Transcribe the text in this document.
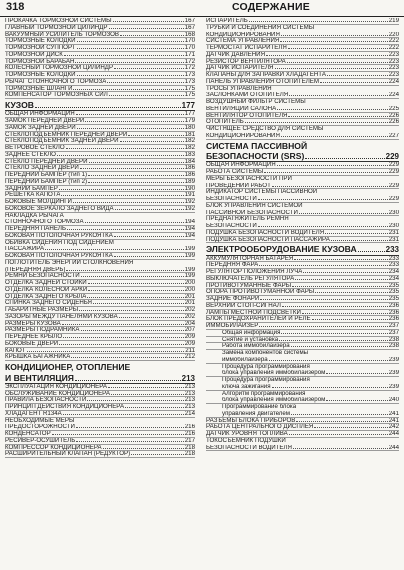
318	СОДЕРЖАНИЕ
ПРОКАЧКА ТОРМОЗНОЙ СИСТЕМЫ	167
ГЛАВНЫЙ ТОРМОЗНОЙ ЦИЛИНДР	167
ВАКУУМНЫЙ УСИЛИТЕЛЬ ТОРМОЗОВ	168
ТОРМОЗНЫЕ КОЛОДКИ	170
ТОРМОЗНОЙ СУППОРТ	170
ТОРМОЗНОЙ ДИСК	171
ТОРМОЗНОЙ БАРАБАН	172
КОЛЕСНЫЙ ТОРМОЗНОЙ ЦИЛИНДР	172
ТОРМОЗНЫЕ КОЛОДКИ	173
РЫЧАГ СТОЯНОЧНОГО ТОРМОЗА	173
ТОРМОЗНЫЕ ШЛАНГИ	175
КОМПЕНСАТОР ТОРМОЗНЫХ СИЛ	175
КУЗОВ	177
ОБЩАЯ ИНФОРМАЦИЯ	177
ЗАМОК ПЕРЕДНЕЙ ДВЕРИ	179
ЗАМОК ЗАДНЕЙ ДВЕРИ	180
СТЕКЛОПОДЪЕМНИК ПЕРЕДНЕЙ ДВЕРИ	181
СТЕКЛОПОДЪЕМНИК ЗАДНЕЙ ДВЕРИ	182
ВЕТРОВОЕ СТЕКЛО	182
ЗАДНЕЕ СТЕКЛО	183
СТЕКЛО ПЕРЕДНЕЙ ДВЕРИ	184
СТЕКЛО ЗАДНЕЙ ДВЕРИ	186
ПЕРЕДНИЙ БАМПЕР (тип 1)	186
ПЕРЕДНИЙ БАМПЕР (тип 2)	189
ЗАДНИЙ БАМПЕР	190
РЕШЕТКА КАПОТА	191
БОКОВЫЕ МОЛДИНГИ	192
БОКОВОЕ ЗЕРКАЛО ЗАДНЕГО ВИДА	192
НАКЛАДКА РЫЧАГА
СТОЯНОЧНОГО ТОРМОЗА	194
ПЕРЕДНЯЯ ПАНЕЛЬ	194
БОКОВАЯ ПОТОЛОЧНАЯ РУКОЯТКА	194
ОБИВКА СИДЕНИЯ ПОД СИДЕНИЕМ
ПАССАЖИРА	199
БОКОВАЯ ПОТОЛОЧНАЯ РУКОЯТКА	199
ПОГЛОТИТЕЛЬ ЭНЕРГИИ СТОЛКНОВЕНИЯ
(ПЕРЕДНЯЯ ДВЕРЬ)	199
РЕМНИ БЕЗОПАСНОСТИ	199
ОТДЕЛКА ЗАДНЕЙ СТОЙКИ	200
ОТДЕЛКА КОЛЕСНОЙ АРКИ	200
ОТДЕЛКА ЗАДНЕГО КРЫЛА	201
СПИНКА ЗАДНЕГО СИДЕНЬЯ	201
ГАБАРИТНЫЕ РАЗМЕРЫ	202
ЗАЗОРЫ МЕЖДУ ПАНЕЛЯМИ КУЗОВА	202
РАЗМЕРЫ КУЗОВА	204
РАЗМЕРЫ ПОДРАМНИКА	207
ПЕРЕДНЕЕ КРЫЛО	209
БОКОВЫЕ ДВЕРИ	209
КАПОТ	211
КРЫШКА БАГАЖНИКА	212
КОНДИЦИОНЕР, ОТОПЛЕНИЕ
И ВЕНТИЛЯЦИЯ	213
ЭКСПЛУАТАЦИЯ КОНДИЦИОНЕРА	213
ОБСЛУЖИВАНИЕ КОНДИЦИОНЕРА	213
ПРАВИЛА БЕЗОПАСНОСТИ	213
ПРИНЦИП ДЕЙСТВИЯ КОНДИЦИОНЕРА	213
ХЛАДАГЕНТ R134A	214
НЕОБХОДИМЫЕ МЕРЫ
ПРЕДОСТОРОЖНОСТИ	216
КОНДЕНСАТОР	216
РЕСИВЕР-ОСУШИТЕЛЬ	217
КОМПРЕССОР КОНДИЦИОНЕРА	218
РАСШИРИТЕЛЬНЫЙ КЛАПАН (РЕДУКТОР)	218
ИСПАРИТЕЛЬ	219
ТРУБКИ И СОЕДИНЕНИЯ СИСТЕМЫ
КОНДИЦИОНИРОВАНИЯ	220
СИСТЕМА УПРАВЛЕНИЯ	222
ТЕРМОСТАТ ИСПАРИТЕЛЯ	222
ДАТЧИК ДАВЛЕНИЯ	223
РЕЗИСТОР ВЕНТИЛЯТОРА	223
ДАТЧИК ИСПАРИТЕЛЯ	223
КЛАПАНЫ ДЛЯ ЗАПРАВКИ ХЛАДАГЕНТА	223
ПАНЕЛЬ УПРАВЛЕНИЯ ОТОПИТЕЛЕМ	224
ТРОСЫ УПРАВЛЕНИЯ
ЗАСЛОНКАМИ ОТОПИТЕЛЯ	224
ВОЗДУШНЫЙ ФИЛЬТР СИСТЕМЫ
ВЕНТИЛЯЦИИ САЛОНА	225
ВЕНТИЛЯТОР ОТОПИТЕЛЯ	226
ОТОПИТЕЛЬ	226
ЧИСТЯЩЕЕ СРЕДСТВО ДЛЯ СИСТЕМЫ
КОНДИЦИОНИРОВАНИЯ	227
СИСТЕМА ПАССИВНОЙ
БЕЗОПАСНОСТИ (SRS)	229
ОБЩАЯ ИНФОРМАЦИЯ	229
РАБОТА СИСТЕМЫ	229
МЕРЫ БЕЗОПАСНОСТИ ПРИ
ПРОВЕДЕНИИ РАБОТ	229
ИНДИКАТОР СИСТЕМЫ ПАССИВНОЙ
БЕЗОПАСНОСТИ	229
БЛОК УПРАВЛЕНИЯ СИСТЕМОЙ
ПАССИВНОЙ БЕЗОПАСНОСТИ	230
ПРЕДНАТЯЖИТЕЛЬ РЕМНЯ
БЕЗОПАСНОСТИ	230
ПОДУШКА БЕЗОПАСНОСТИ ВОДИТЕЛЯ	231
ПОДУШКА БЕЗОПАСНОСТИ ПАССАЖИРА	231
ЭЛЕКТРООБОРУДОВАНИЕ КУЗОВА	233
АККУМУЛЯТОРНАЯ БАТАРЕЯ	233
ПЕРЕДНЯЯ ФАРА	233
РЕГУЛЯТОР ПОЛОЖЕНИЯ ЛУЧА	234
ВЫКЛЮЧАТЕЛЬ РЕГУЛЯТОРА	234
ПРОТИВОТУМАННЫЕ ФАРЫ	235
ОПОРА ПРОТИВОТУМАННОЙ ФАРЫ	235
ЗАДНИЕ ФОНАРИ	235
ВЕРХНИЙ СТОП-СИГНАЛ	236
ЛАМПЫ МЕСТНОЙ ПОДСВЕТКИ	236
БЛОК ПРЕДОХРАНИТЕЛЕЙ И РЕЛЕ	236
ИММОБИЛАЙЗЕР	237
Общая информация	237
Снятие и установка	238
Работа иммобилайзера	238
Замена компонентов системы
иммобилайзера	239
Процедура программирования
блока управления иммобилайзером	239
Процедура программирования
ключа зажигания	239
Алгоритм программирования
блока управления иммобилайзером	240
Программирование блока
управления двигателем	241
РАЗЪЕМЫ БЛОКА ПРИБОРОВ	241
РАБОТА ЦЕНТРАЛЬНОГО ДИСПЛЕЯ	242
ДАТЧИК УРОВНЯ ТОПЛИВА	244
ТОКОСЪЕМНИК ПОДУШКИ
БЕЗОПАСНОСТИ ВОДИТЕЛЯ	244
